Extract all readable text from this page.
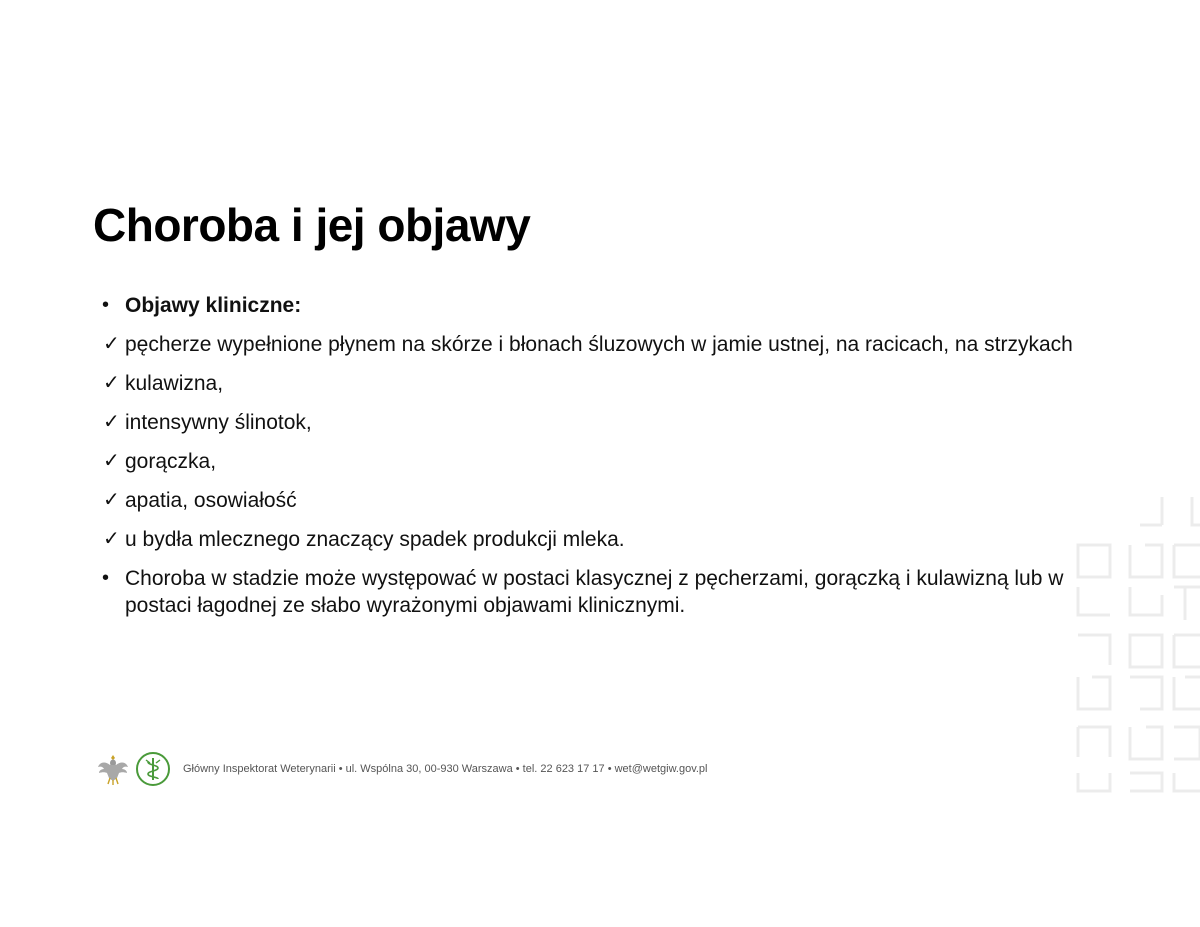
Choroba i jej objawy
• Objawy kliniczne:
✓ pęcherze wypełnione płynem na skórze i błonach śluzowych w jamie ustnej, na racicach, na strzykach
✓ kulawizna,
✓ intensywny ślinotok,
✓ gorączka,
✓ apatia, osowiałość
✓ u bydła mlecznego znaczący spadek produkcji mleka.
• Choroba w stadzie może występować w postaci klasycznej z pęcherzami, gorączką i kulawizną lub w postaci łagodnej ze słabo wyrażonymi objawami klinicznymi.
Główny Inspektorat Weterynarii • ul. Wspólna 30, 00-930 Warszawa • tel. 22 623 17 17 • wet@wetgiw.gov.pl
